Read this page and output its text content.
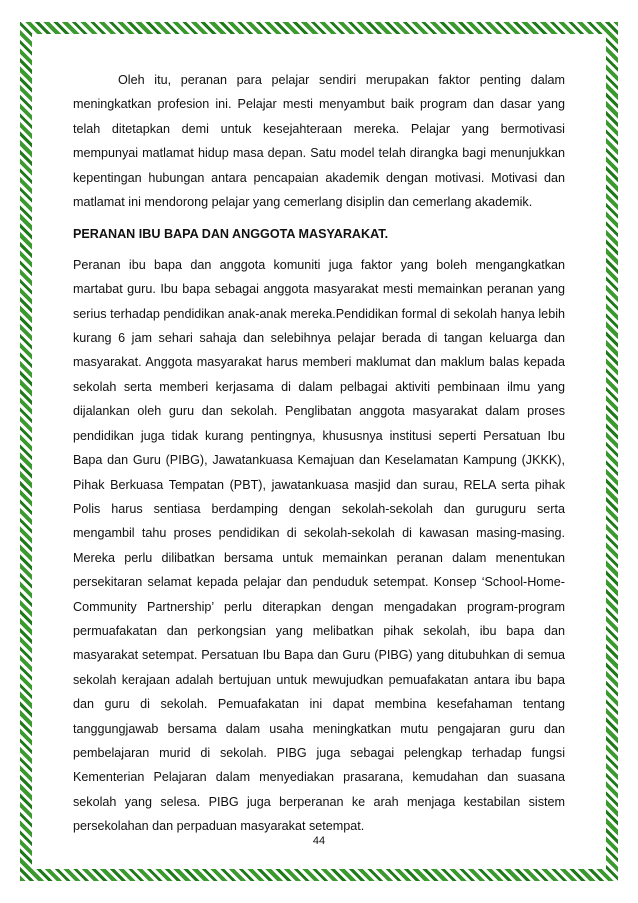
Oleh itu, peranan para pelajar sendiri merupakan faktor penting dalam meningkatkan profesion ini. Pelajar mesti menyambut baik program dan dasar yang telah ditetapkan demi untuk kesejahteraan mereka. Pelajar yang bermotivasi mempunyai matlamat hidup masa depan. Satu model telah dirangka bagi menunjukkan kepentingan hubungan antara pencapaian akademik dengan motivasi. Motivasi dan matlamat ini mendorong pelajar yang cemerlang disiplin dan cemerlang akademik.

PERANAN IBU BAPA DAN ANGGOTA MASYARAKAT.

Peranan ibu bapa dan anggota komuniti juga faktor yang boleh mengangkatkan martabat guru. Ibu bapa sebagai anggota masyarakat mesti memainkan peranan yang serius terhadap pendidikan anak-anak mereka.Pendidikan formal di sekolah hanya lebih kurang 6 jam sehari sahaja dan selebihnya pelajar berada di tangan keluarga dan masyarakat. Anggota masyarakat harus memberi maklumat dan maklum balas kepada sekolah serta memberi kerjasama di dalam pelbagai aktiviti pembinaan ilmu yang dijalankan oleh guru dan sekolah. Penglibatan anggota masyarakat dalam proses pendidikan juga tidak kurang pentingnya, khususnya institusi seperti Persatuan Ibu Bapa dan Guru (PIBG), Jawatankuasa Kemajuan dan Keselamatan Kampung (JKKK), Pihak Berkuasa Tempatan (PBT), jawatankuasa masjid dan surau, RELA serta pihak Polis harus sentiasa berdamping dengan sekolah-sekolah dan guruguru serta mengambil tahu proses pendidikan di sekolah-sekolah di kawasan masing-masing. Mereka perlu dilibatkan bersama untuk memainkan peranan dalam menentukan persekitaran selamat kepada pelajar dan penduduk setempat. Konsep ‘School-Home-Community Partnership’ perlu diterapkan dengan mengadakan program-program permuafakatan dan perkongsian yang melibatkan pihak sekolah, ibu bapa dan masyarakat setempat. Persatuan Ibu Bapa dan Guru (PIBG) yang ditubuhkan di semua sekolah kerajaan adalah bertujuan untuk mewujudkan pemuafakatan antara ibu bapa dan guru di sekolah. Pemuafakatan ini dapat membina kesefahaman tentang tanggungjawab bersama dalam usaha meningkatkan mutu pengajaran guru dan pembelajaran murid di sekolah. PIBG juga sebagai pelengkap terhadap fungsi Kementerian Pelajaran dalam menyediakan prasarana, kemudahan dan suasana sekolah yang selesa. PIBG juga berperanan ke arah menjaga kestabilan sistem persekolahan dan perpaduan masyarakat setempat.

44
